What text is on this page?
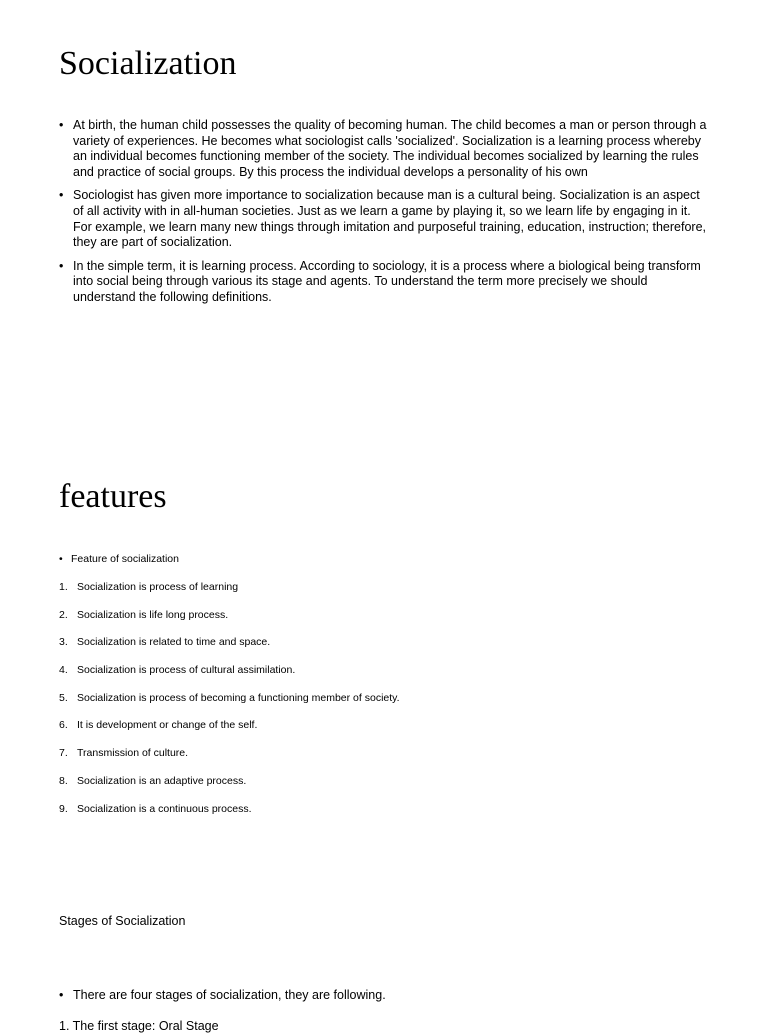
Socialization
• At birth, the human child possesses the quality of becoming human. The child becomes a man or person through a variety of experiences. He becomes what sociologist calls 'socialized'. Socialization is a learning process whereby an individual becomes functioning member of the society. The individual becomes socialized by learning the rules and practice of social groups. By this process the individual develops a personality of his own
• Sociologist has given more importance to socialization because man is a cultural being. Socialization is an aspect of all activity with in all-human societies. Just as we learn a game by playing it, so we learn life by engaging in it. For example, we learn many new things through imitation and purposeful training, education, instruction; therefore, they are part of socialization.
• In the simple term, it is learning process. According to sociology, it is a process where a biological being transform into social being through various its stage and agents. To understand the term more precisely we should understand the following definitions.
features
• Feature of socialization
1. Socialization is process of learning
2. Socialization is life long process.
3. Socialization is related to time and space.
4. Socialization is process of cultural assimilation.
5. Socialization is process of becoming a functioning member of society.
6. It is development or change of the self.
7. Transmission of culture.
8. Socialization is an adaptive process.
9. Socialization is a continuous process.

Stages of Socialization

• There are four stages of socialization, they are following.
1. The first stage: Oral Stage
